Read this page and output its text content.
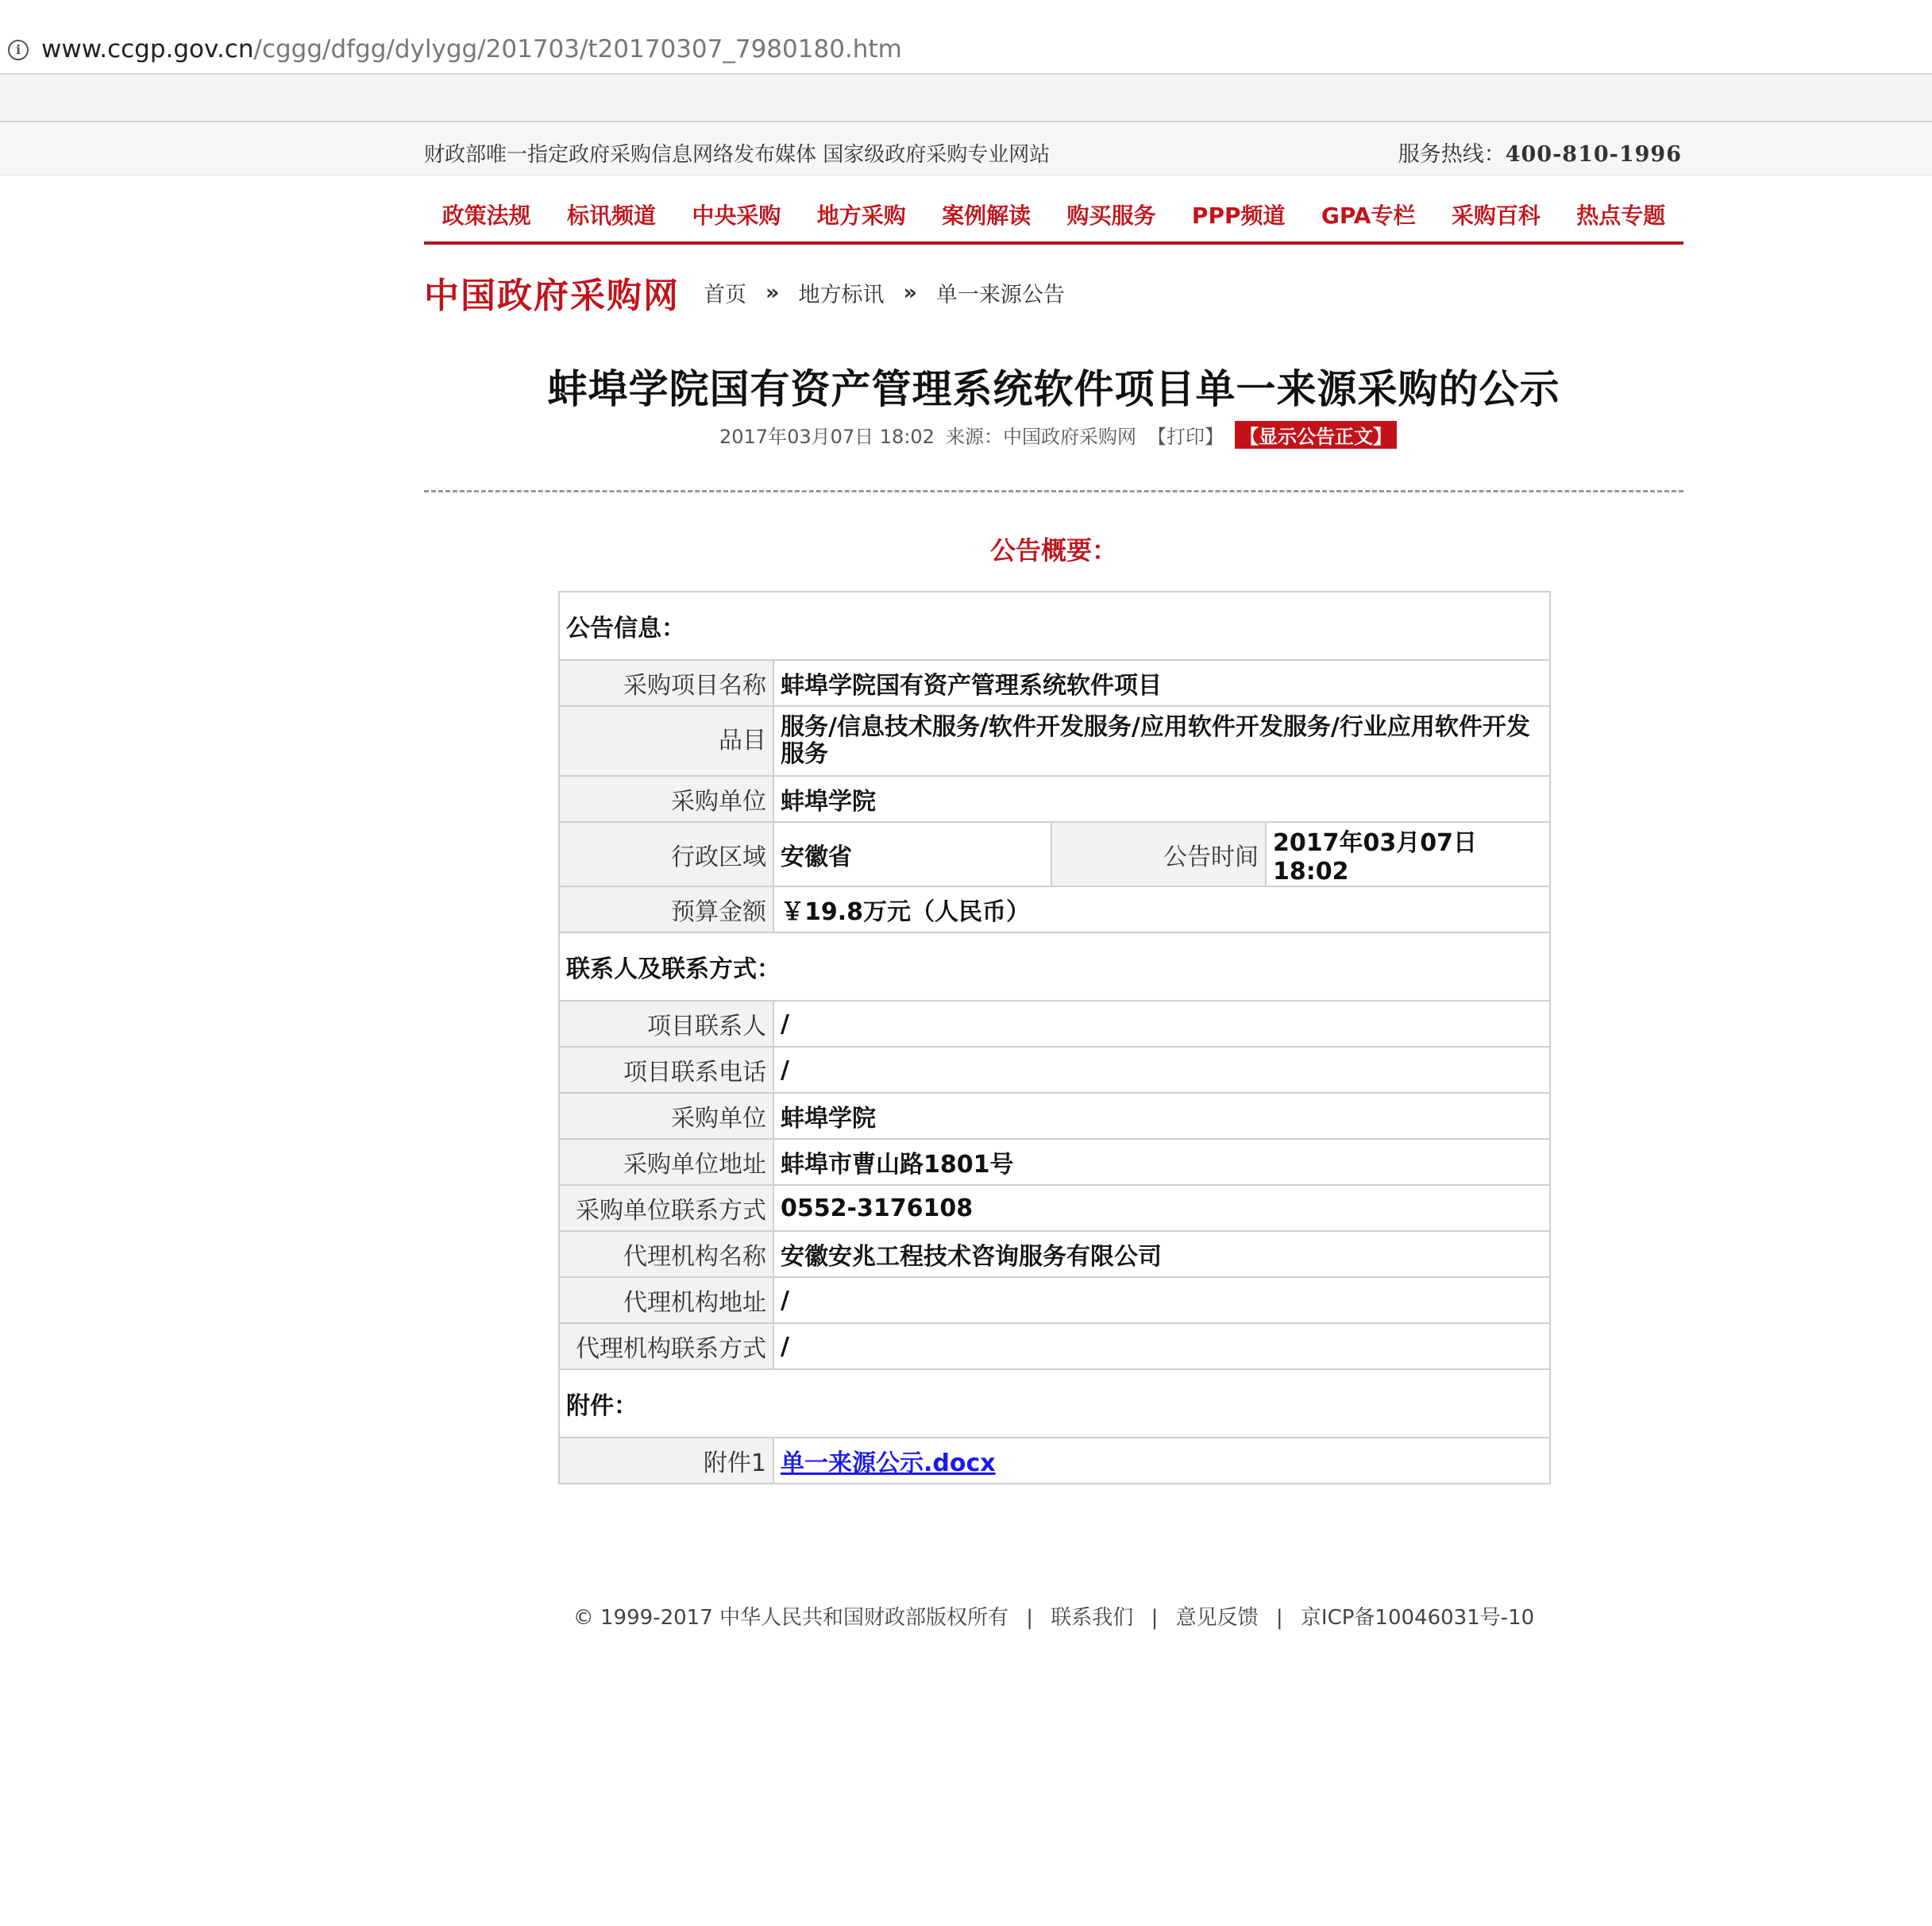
i www.ccgp.gov.cn/cggg/dfgg/dylygg/201703/t20170307_7980180.htm
财政部唯一指定政府采购信息网络发布媒体 国家级政府采购专业网站	服务热线：400-810-1996
政策法规 标讯频道 中央采购 地方采购 案例解读 购买服务 PPP频道 GPA专栏 采购百科 热点专题
中国政府采购网 首页 » 地方标讯 » 单一来源公告
蚌埠学院国有资产管理系统软件项目单一来源采购的公示
2017年03月07日 18:02 来源：中国政府采购网 【打印】 【显示公告正文】
公告概要：
公告信息：			
采购项目名称	蚌埠学院国有资产管理系统软件项目		
品目	服务/信息技术服务/软件开发服务/应用软件开发服务/行业应用软件开发服务		
采购单位	蚌埠学院		
行政区域	安徽省	公告时间	2017年03月07日 18:02
预算金额	￥19.8万元（人民币）		
联系人及联系方式：			
项目联系人	/		
项目联系电话	/		
采购单位	蚌埠学院		
采购单位地址	蚌埠市曹山路1801号		
采购单位联系方式	0552-3176108		
代理机构名称	安徽安兆工程技术咨询服务有限公司		
代理机构地址	/		
代理机构联系方式	/		
附件：			
附件1	单一来源公示.docx		
© 1999-2017 中华人民共和国财政部版权所有 | 联系我们 | 意见反馈 | 京ICP备10046031号-10
